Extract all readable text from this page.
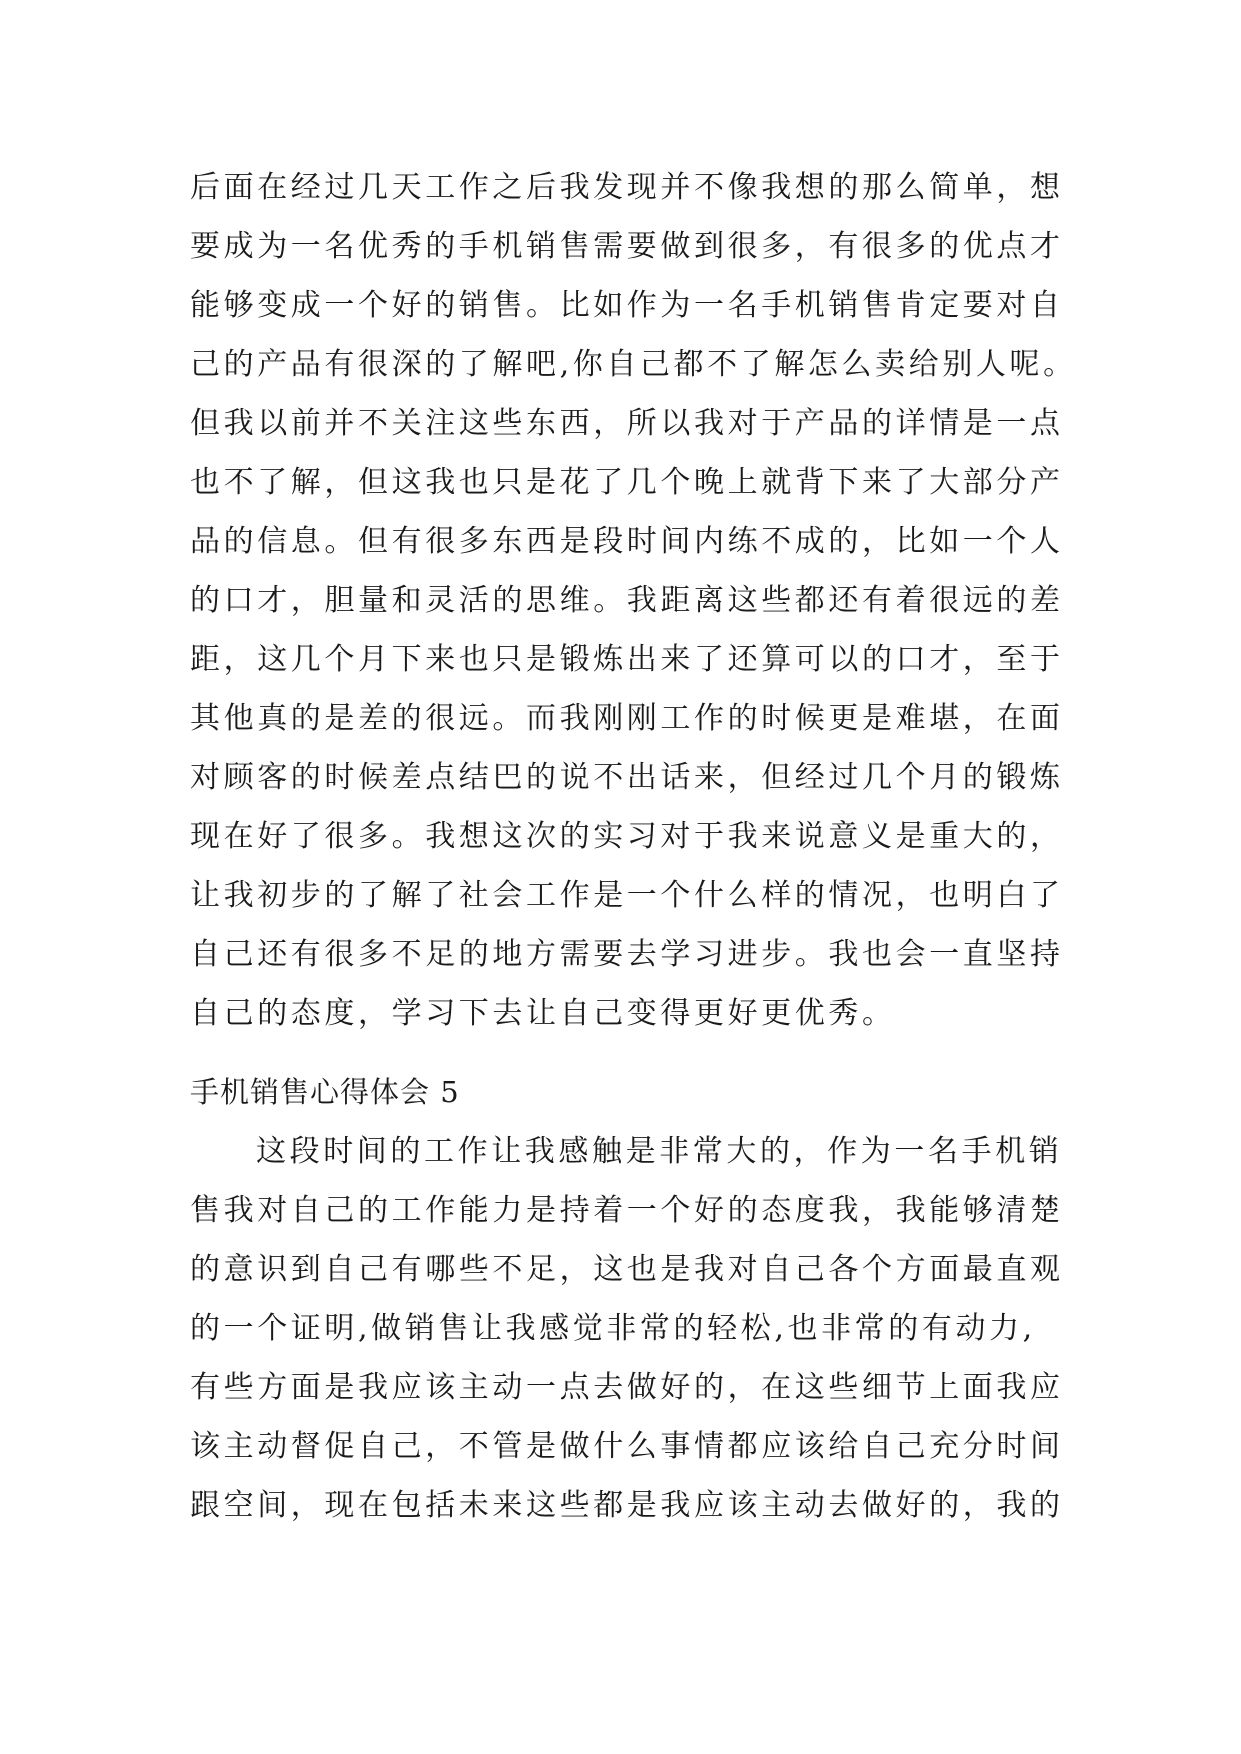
后面在经过几天工作之后我发现并不像我想的那么简单，想
要成为一名优秀的手机销售需要做到很多，有很多的优点才
能够变成一个好的销售。比如作为一名手机销售肯定要对自
己的产品有很深的了解吧,你自己都不了解怎么卖给别人呢。
但我以前并不关注这些东西，所以我对于产品的详情是一点
也不了解，但这我也只是花了几个晚上就背下来了大部分产
品的信息。但有很多东西是段时间内练不成的，比如一个人
的口才，胆量和灵活的思维。我距离这些都还有着很远的差
距，这几个月下来也只是锻炼出来了还算可以的口才，至于
其他真的是差的很远。而我刚刚工作的时候更是难堪，在面
对顾客的时候差点结巴的说不出话来，但经过几个月的锻炼
现在好了很多。我想这次的实习对于我来说意义是重大的，
让我初步的了解了社会工作是一个什么样的情况，也明白了
自己还有很多不足的地方需要去学习进步。我也会一直坚持
自己的态度，学习下去让自己变得更好更优秀。
手机销售心得体会 5
这段时间的工作让我感触是非常大的，作为一名手机销
售我对自己的工作能力是持着一个好的态度我，我能够清楚
的意识到自己有哪些不足，这也是我对自己各个方面最直观
的一个证明,做销售让我感觉非常的轻松,也非常的有动力,
有些方面是我应该主动一点去做好的，在这些细节上面我应
该主动督促自己，不管是做什么事情都应该给自己充分时间
跟空间，现在包括未来这些都是我应该主动去做好的，我的
